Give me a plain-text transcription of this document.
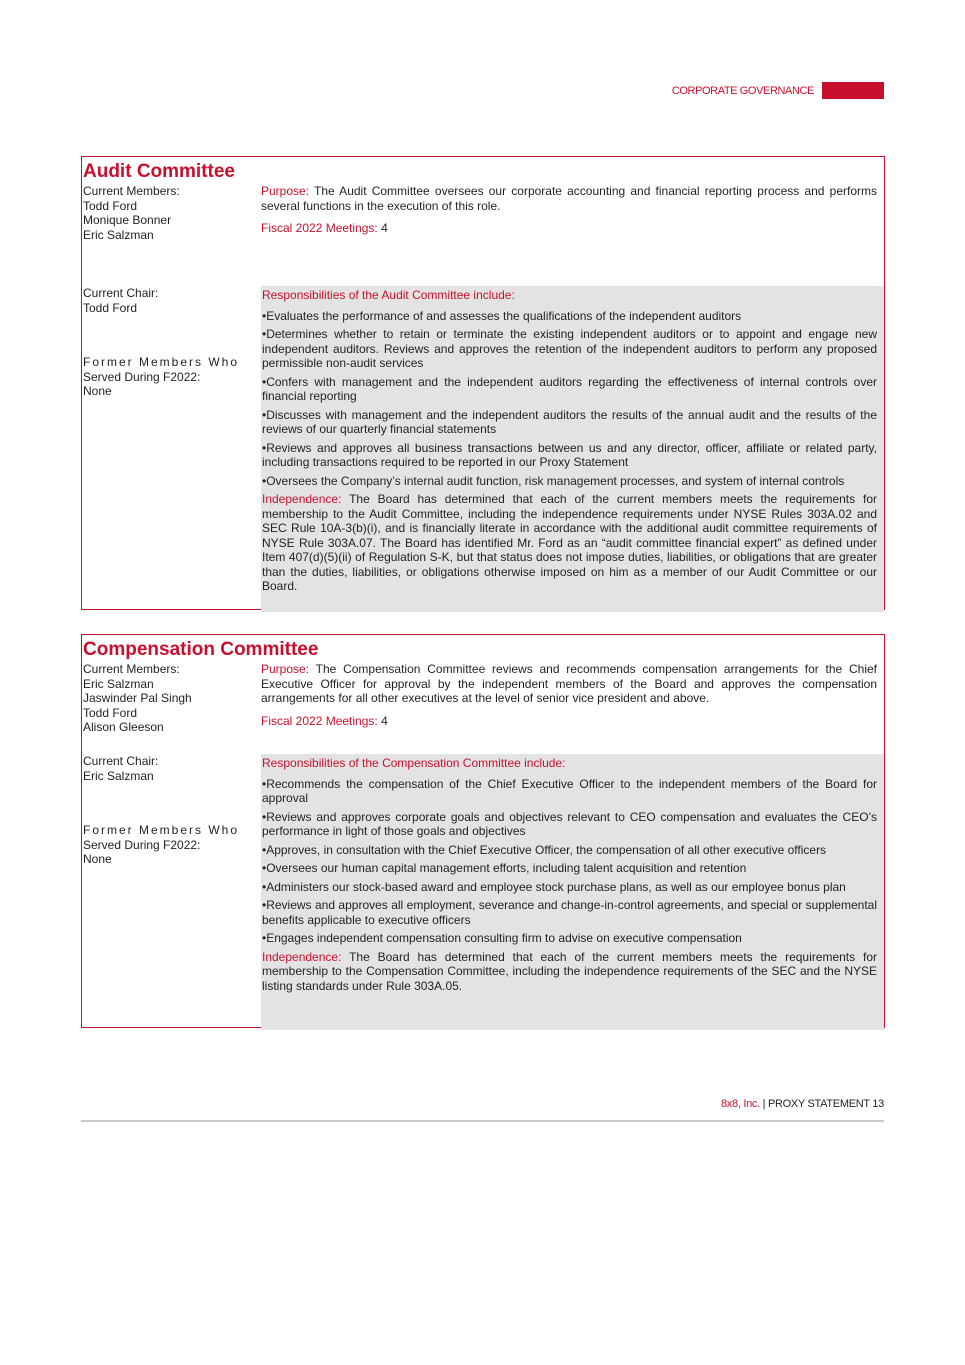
CORPORATE GOVERNANCE
Audit Committee
Current Members:
Todd Ford
Monique Bonner
Eric Salzman

Purpose: The Audit Committee oversees our corporate accounting and financial reporting process and performs several functions in the execution of this role.

Fiscal 2022 Meetings: 4

Current Chair:
Todd Ford
Former Members Who
Served During F2022:
None

Responsibilities of the Audit Committee include:

•Evaluates the performance of and assesses the qualifications of the independent auditors
•Determines whether to retain or terminate the existing independent auditors or to appoint and engage new independent auditors. Reviews and approves the retention of the independent auditors to perform any proposed permissible non-audit services
•Confers with management and the independent auditors regarding the effectiveness of internal controls over financial reporting
•Discusses with management and the independent auditors the results of the annual audit and the results of the reviews of our quarterly financial statements
•Reviews and approves all business transactions between us and any director, officer, affiliate or related party, including transactions required to be reported in our Proxy Statement
•Oversees the Company’s internal audit function, risk management processes, and system of internal controls

Independence: The Board has determined that each of the current members meets the requirements for membership to the Audit Committee, including the independence requirements under NYSE Rules 303A.02 and SEC Rule 10A-3(b)(i), and is financially literate in accordance with the additional audit committee requirements of NYSE Rule 303A.07. The Board has identified Mr. Ford as an “audit committee financial expert” as defined under Item 407(d)(5)(ii) of Regulation S-K, but that status does not impose duties, liabilities, or obligations that are greater than the duties, liabilities, or obligations otherwise imposed on him as a member of our Audit Committee or our Board.

Compensation Committee
Current Members:
Eric Salzman
Jaswinder Pal Singh
Todd Ford
Alison Gleeson

Purpose: The Compensation Committee reviews and recommends compensation arrangements for the Chief Executive Officer for approval by the independent members of the Board and approves the compensation arrangements for all other executives at the level of senior vice president and above.

Fiscal 2022 Meetings: 4

Current Chair:
Eric Salzman
Former Members Who
Served During F2022:
None

Responsibilities of the Compensation Committee include:

•Recommends the compensation of the Chief Executive Officer to the independent members of the Board for approval
•Reviews and approves corporate goals and objectives relevant to CEO compensation and evaluates the CEO’s performance in light of those goals and objectives
•Approves, in consultation with the Chief Executive Officer, the compensation of all other executive officers
•Oversees our human capital management efforts, including talent acquisition and retention
•Administers our stock-based award and employee stock purchase plans, as well as our employee bonus plan
•Reviews and approves all employment, severance and change-in-control agreements, and special or supplemental benefits applicable to executive officers
•Engages independent compensation consulting firm to advise on executive compensation

Independence: The Board has determined that each of the current members meets the requirements for membership to the Compensation Committee, including the independence requirements of the SEC and the NYSE listing standards under Rule 303A.05.

8x8, Inc. | PROXY STATEMENT 13
